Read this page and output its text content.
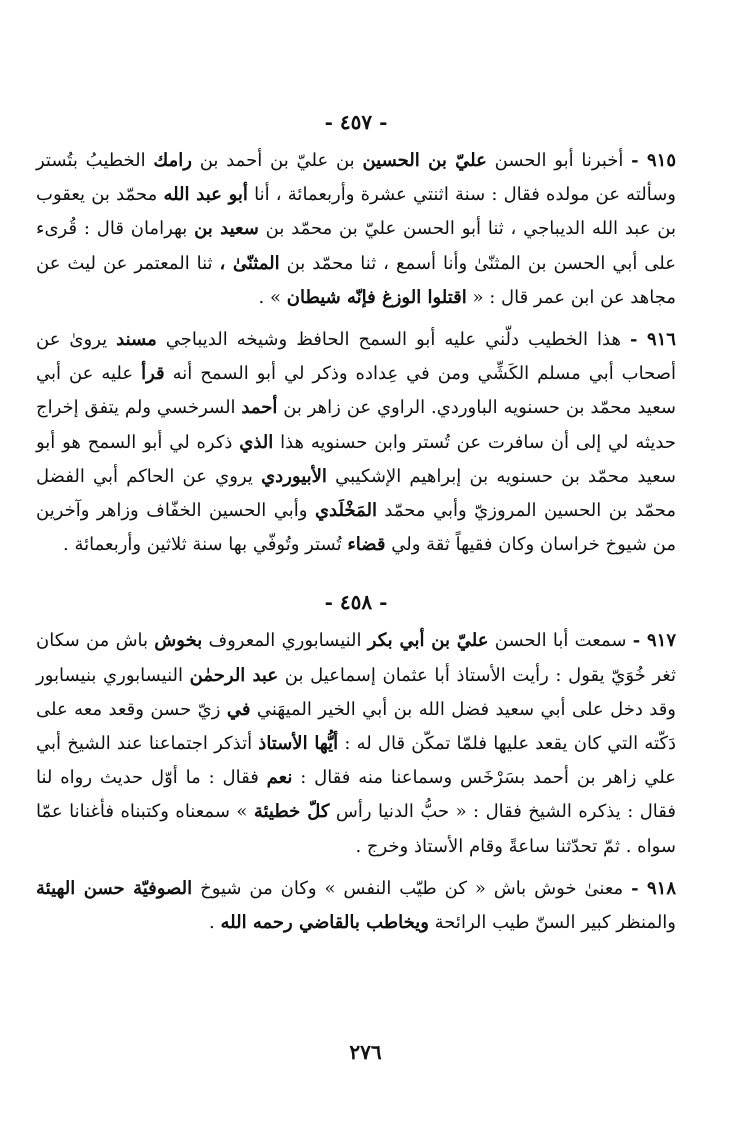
- ٤٥٧ -

٩١٥ - أخبرنا أبو الحسن عليّ بن الحسين بن عليّ بن أحمد بن رامك الخطيبُ بتُستر وسألته عن مولده فقال : سنة اثنتي عشرة وأربعمائة ، أنا أبو عبد الله محمّد بن يعقوب بن عبد الله الديباجي ، ثنا أبو الحسن عليّ بن محمّد بن سعيد بن بهرامان قال : قُرىء على أبي الحسن بن المثنّىٰ وأنا أسمع ، ثنا محمّد بن المثنّىٰ ، ثنا المعتمر عن ليث عن مجاهد عن ابن عمر قال : « اقتلوا الوزغ فإنّه شيطان » .

٩١٦ - هذا الخطيب دلّني عليه أبو السمح الحافظ وشيخه الديباجي مسند يروىٰ عن أصحاب أبي مسلم الكَشِّي ومن في عِداده وذكر لي أبو السمح أنه قرأ عليه عن أبي سعيد محمّد بن حسنويه الباوردي. الراوي عن زاهر بن أحمد السرخسي ولم يتفق إخراج حديثه لي إلى أن سافرت عن تُستر وابن حسنويه هذا الذي ذكره لي أبو السمح هو أبو سعيد محمّد بن حسنويه بن إبراهيم الإشكيبي الأبيوردي يروي عن الحاكم أبي الفضل محمّد بن الحسين المروزيّ وأبي محمّد المَخْلَدي وأبي الحسين الخفّاف وزاهر وآخرين من شيوخ خراسان وكان فقيهاً ثقة ولي قضاء تُستر وتُوفّي بها سنة ثلاثين وأربعمائة .

- ٤٥٨ -

٩١٧ - سمعت أبا الحسن عليّ بن أبي بكر النيسابوري المعروف بخوش باش من سكان ثغر خُوَيّ يقول : رأيت الأستاذ أبا عثمان إسماعيل بن عبد الرحمٰن النيسابوري بنيسابور وقد دخل على أبي سعيد فضل الله بن أبي الخير الميهَني في زيّ حسن وقعد معه على دَكّته التي كان يقعد عليها فلمّا تمكّن قال له : أيُّها الأستاذ أتذكر اجتماعنا عند الشيخ أبي علي زاهر بن أحمد بسَرْخَس وسماعنا منه فقال : نعم فقال : ما أوّل حديث رواه لنا فقال : يذكره الشيخ فقال : « حبُّ الدنيا رأس كلّ خطيئة » سمعناه وكتبناه فأغنانا عمّا سواه . ثمّ تحدّثنا ساعةً وقام الأستاذ وخرج .

٩١٨ - معنىٰ خوش باش « كن طيّب النفس » وكان من شيوخ الصوفيّة حسن الهيئة والمنظر كبير السنّ طيب الرائحة ويخاطب بالقاضي رحمه الله .

٢٧٦
